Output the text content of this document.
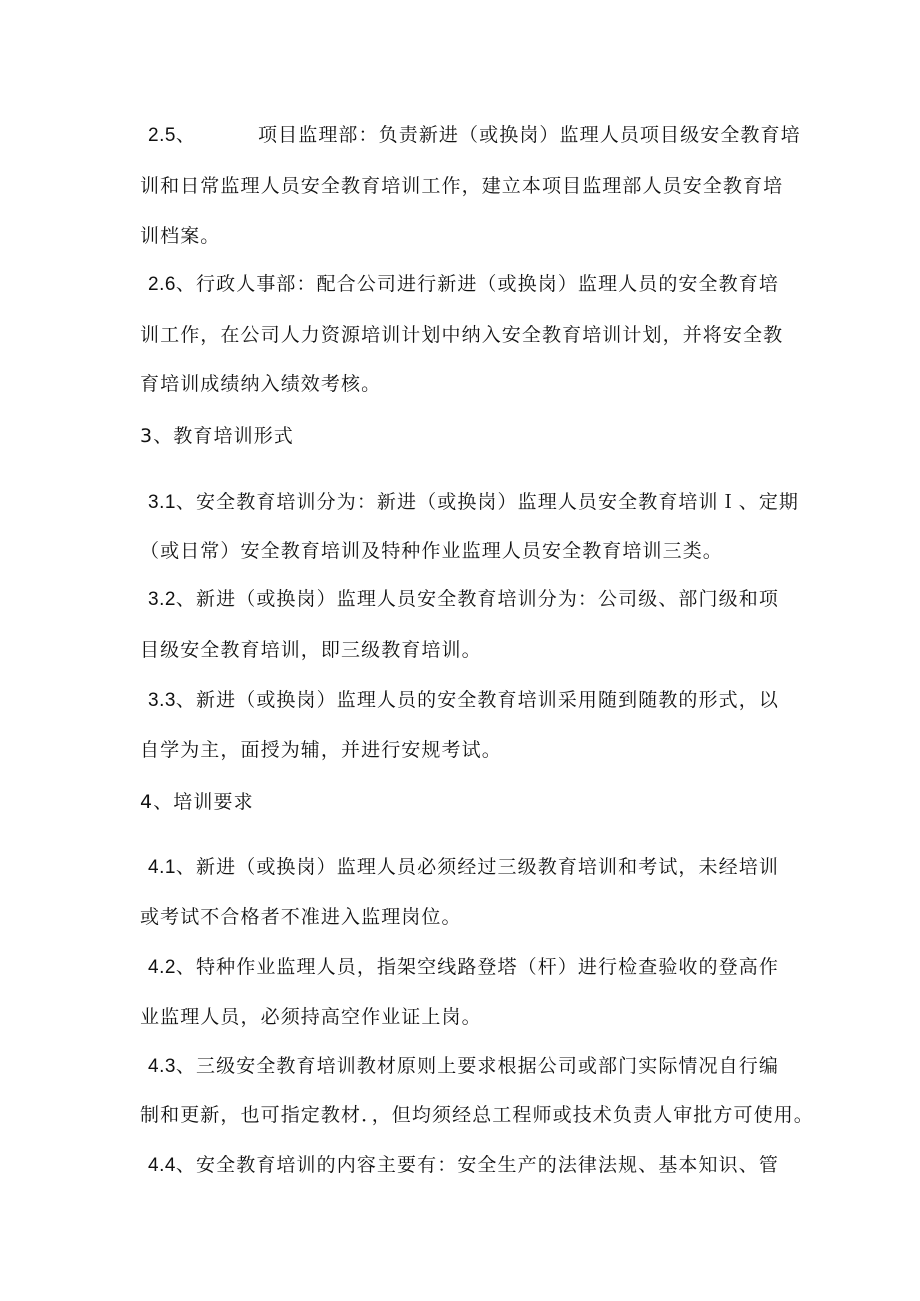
2.5、	项目监理部：负责新进（或换岗）监理人员项目级安全教育培
训和日常监理人员安全教育培训工作，建立本项目监理部人员安全教育培
训档案。
2.6、行政人事部：配合公司进行新进（或换岗）监理人员的安全教育培
训工作，在公司人力资源培训计划中纳入安全教育培训计划，并将安全教
育培训成绩纳入绩效考核。
3、教育培训形式
3.1、安全教育培训分为：新进（或换岗）监理人员安全教育培训Ｉ、定期
（或日常）安全教育培训及特种作业监理人员安全教育培训三类。
3.2、新进（或换岗）监理人员安全教育培训分为：公司级、部门级和项
目级安全教育培训，即三级教育培训。
3.3、新进（或换岗）监理人员的安全教育培训采用随到随教的形式，以
自学为主，面授为辅，并进行安规考试。
4、培训要求
4.1、新进（或换岗）监理人员必须经过三级教育培训和考试，未经培训
或考试不合格者不准进入监理岗位。
4.2、特种作业监理人员，指架空线路登塔（杆）进行检查验收的登高作
业监理人员，必须持高空作业证上岗。
4.3、三级安全教育培训教材原则上要求根据公司或部门实际情况自行编
制和更新，也可指定教材．，但均须经总工程师或技术负责人审批方可使用。
4.4、安全教育培训的内容主要有：安全生产的法律法规、基本知识、管
